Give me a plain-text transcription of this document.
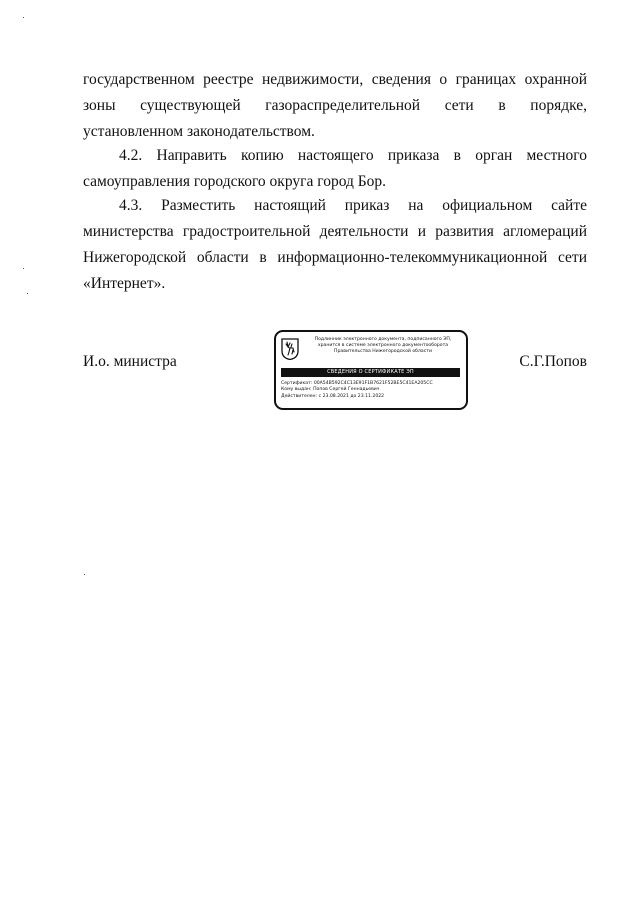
государственном реестре недвижимости, сведения о границах охранной зоны существующей газораспределительной сети в порядке, установленном законодательством.

4.2. Направить копию настоящего приказа в орган местного самоуправления городского округа город Бор.

4.3. Разместить настоящий приказ на официальном сайте министерства градостроительной деятельности и развития агломераций Нижегородской области в информационно-телекоммуникационной сети «Интернет».

И.о. министра	С.Г.Попов
Подлинник электронного документа, подписанного ЭП,
хранится в системе электронного документооборота
Правительства Нижегородской области
СВЕДЕНИЯ О СЕРТИФИКАТЕ ЭП
Сертификат: 00A54B592C4C13E91F1B7621F52BE5C41EA205CC
Кому выдан: Попов Сергей Геннадьевич
Действителен: с 23.08.2021 до 23.11.2022
